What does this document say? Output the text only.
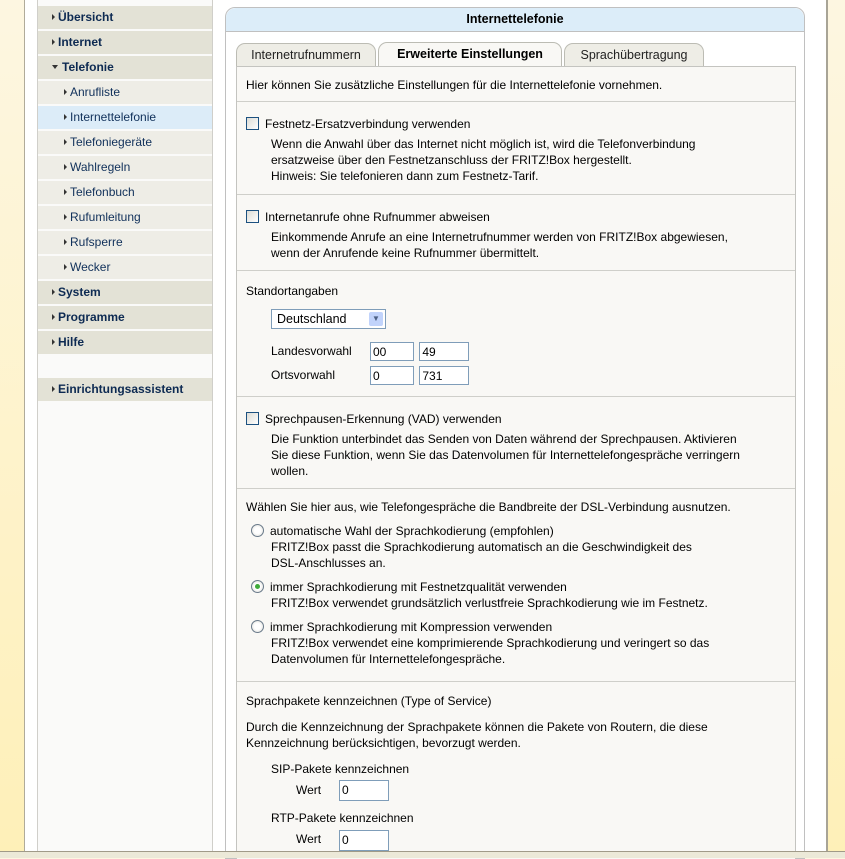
Übersicht
Internet
Telefonie
Anrufliste
Internettelefonie
Telefoniegeräte
Wahlregeln
Telefonbuch
Rufumleitung
Rufsperre
Wecker
System
Programme
Hilfe
Einrichtungsassistent
Internettelefonie
Internetrufnummern	Erweiterte Einstellungen	Sprachübertragung
Hier können Sie zusätzliche Einstellungen für die Internettelefonie vornehmen.
Festnetz-Ersatzverbindung verwenden
Wenn die Anwahl über das Internet nicht möglich ist, wird die Telefonverbindung
ersatzweise über den Festnetzanschluss der FRITZ!Box hergestellt.
Hinweis: Sie telefonieren dann zum Festnetz-Tarif.
Internetanrufe ohne Rufnummer abweisen
Einkommende Anrufe an eine Internetrufnummer werden von FRITZ!Box abgewiesen,
wenn der Anrufende keine Rufnummer übermittelt.
Standortangaben
Deutschland	▼
Landesvorwahl 00	49
Ortsvorwahl	0	731
Sprechpausen-Erkennung (VAD) verwenden
Die Funktion unterbindet das Senden von Daten während der Sprechpausen. Aktivieren
Sie diese Funktion, wenn Sie das Datenvolumen für Internettelefongespräche verringern
wollen.
Wählen Sie hier aus, wie Telefongespräche die Bandbreite der DSL-Verbindung ausnutzen.
automatische Wahl der Sprachkodierung (empfohlen)
FRITZ!Box passt die Sprachkodierung automatisch an die Geschwindigkeit des
DSL-Anschlusses an.
immer Sprachkodierung mit Festnetzqualität verwenden
FRITZ!Box verwendet grundsätzlich verlustfreie Sprachkodierung wie im Festnetz.
immer Sprachkodierung mit Kompression verwenden
FRITZ!Box verwendet eine komprimierende Sprachkodierung und veringert so das
Datenvolumen für Internettelefongespräche.
Sprachpakete kennzeichnen (Type of Service)
Durch die Kennzeichnung der Sprachpakete können die Pakete von Routern, die diese
Kennzeichnung berücksichtigen, bevorzugt werden.
SIP-Pakete kennzeichnen
Wert 0
RTP-Pakete kennzeichnen
Wert 0
